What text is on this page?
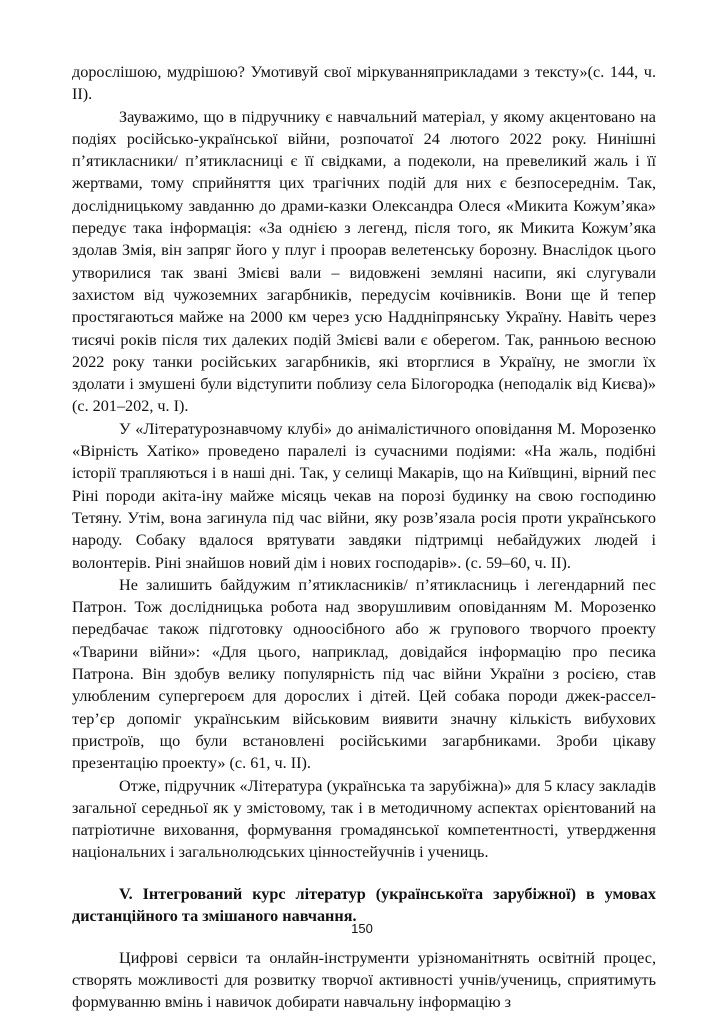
дорослішою, мудрішою? Умотивуй свої міркуванняприкладами з тексту»(с. 144, ч. ІІ).

Зауважимо, що в підручнику є навчальний матеріал, у якому акцентовано на подіях російсько-української війни, розпочатої 24 лютого 2022 року. Нинішні п’ятикласники/ п’ятикласниці є її свідками, а подеколи, на превеликий жаль і її жертвами, тому сприйняття цих трагічних подій для них є безпосереднім. Так, дослідницькому завданню до драми-казки Олександра Олеся «Микита Кожум’яка» передує така інформація: «За однією з легенд, після того, як Микита Кожум’яка здолав Змія, він запряг його у плуг і проорав велетенську борозну. Внаслідок цього утворилися так звані Змієві вали – видовжені земляні насипи, які слугували захистом від чужоземних загарбників, передусім кочівників. Вони ще й тепер простягаються майже на 2000 км через усю Наддніпрянську Україну. Навіть через тисячі років після тих далеких подій Змієві вали є оберегом. Так, ранньою весною 2022 року танки російських загарбників, які вторглися в Україну, не змогли їх здолати і змушені були відступити поблизу села Білогородка (неподалік від Києва)» (с. 201–202, ч. І).

У «Літературознавчому клубі» до анімалістичного оповідання М. Морозенко «Вірність Хатіко» проведено паралелі із сучасними подіями: «На жаль, подібні історії трапляються і в наші дні. Так, у селищі Макарів, що на Київщині, вірний пес Ріні породи акіта-іну майже місяць чекав на порозі будинку на свою господиню Тетяну. Утім, вона загинула під час війни, яку розв’язала росія проти українського народу. Собаку вдалося врятувати завдяки підтримці небайдужих людей і волонтерів. Ріні знайшов новий дім і нових господарів». (с. 59–60, ч. ІІ).

Не залишить байдужим п’ятикласників/ п’ятикласниць і легендарний пес Патрон. Тож дослідницька робота над зворушливим оповіданням М. Морозенко передбачає також підготовку одноосібного або ж групового творчого проекту «Тварини війни»: «Для цього, наприклад, довідайся інформацію про песика Патрона. Він здобув велику популярність під час війни України з росією, став улюбленим супергероєм для дорослих і дітей. Цей собака породи джек-рассел-тер’єр допоміг українським військовим виявити значну кількість вибухових пристроїв, що були встановлені російськими загарбниками. Зроби цікаву презентацію проекту» (с. 61, ч. ІІ).

Отже, підручник «Література (українська та зарубіжна)» для 5 класу закладів загальної середньої як у змістовому, так і в методичному аспектах орієнтований на патріотичне виховання, формування громадянської компетентності, утвердження національних і загальнолюдських цінностейучнів і учениць.

V. Інтегрований курс літератур (українськоїта зарубіжної) в умовах дистанційного та змішаного навчання.

Цифрові сервіси та онлайн-інструменти урізноманітнять освітній процес, створять можливості для розвитку творчої активності учнів/учениць, сприятимуть формуванню вмінь і навичок добирати навчальну інформацію з

150
